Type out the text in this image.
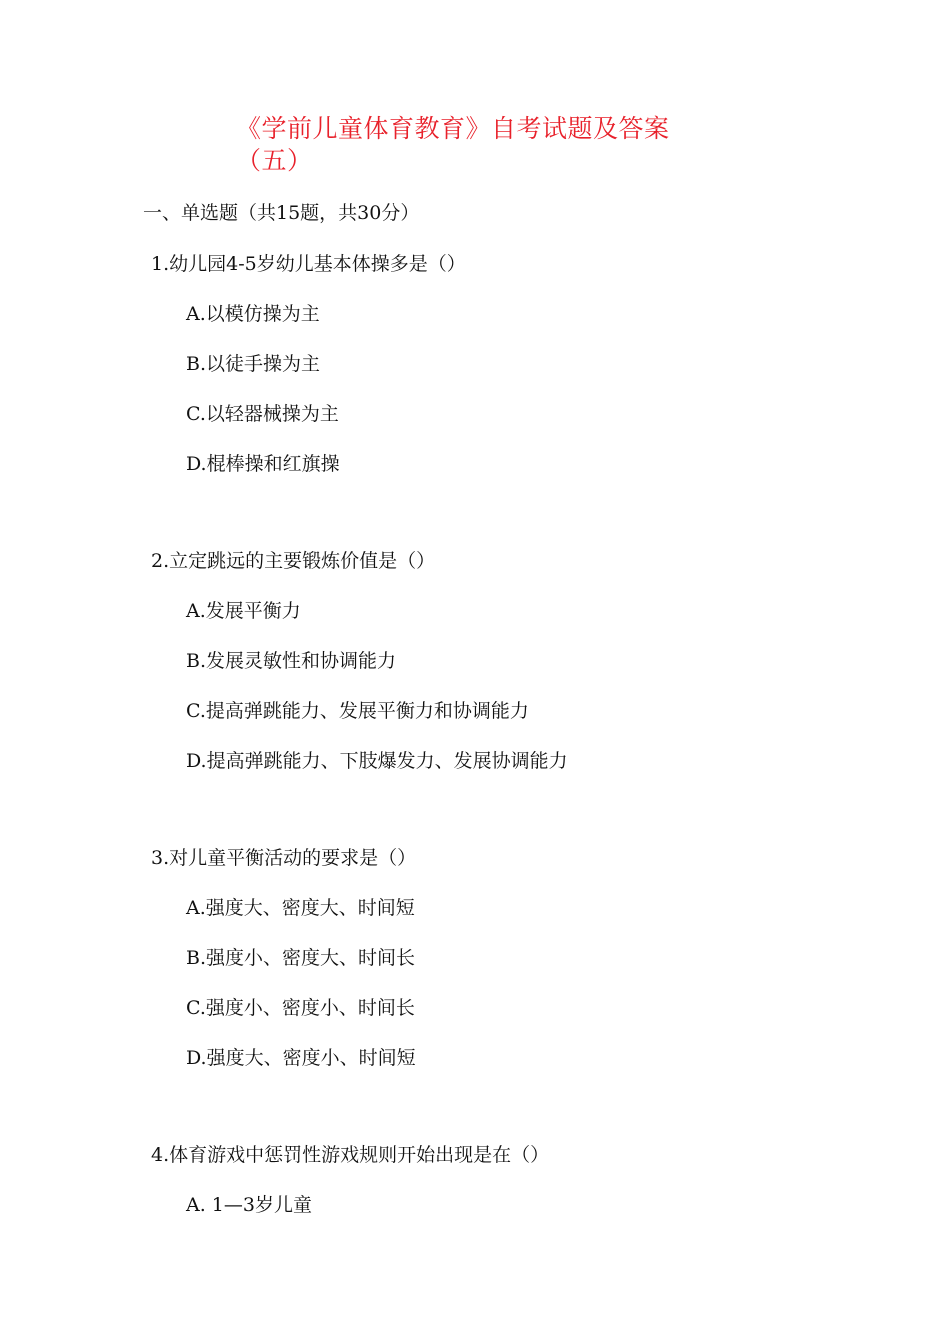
《学前儿童体育教育》自考试题及答案
（五）
一、单选题（共15题，共30分）
1.幼儿园4-5岁幼儿基本体操多是（）
A.以模仿操为主
B.以徒手操为主
C.以轻器械操为主
D.棍棒操和红旗操
2.立定跳远的主要锻炼价值是（）
A.发展平衡力
B.发展灵敏性和协调能力
C.提高弹跳能力、发展平衡力和协调能力
D.提高弹跳能力、下肢爆发力、发展协调能力
3.对儿童平衡活动的要求是（）
A.强度大、密度大、时间短
B.强度小、密度大、时间长
C.强度小、密度小、时间长
D.强度大、密度小、时间短
4.体育游戏中惩罚性游戏规则开始出现是在（）
A. 1—3岁儿童
